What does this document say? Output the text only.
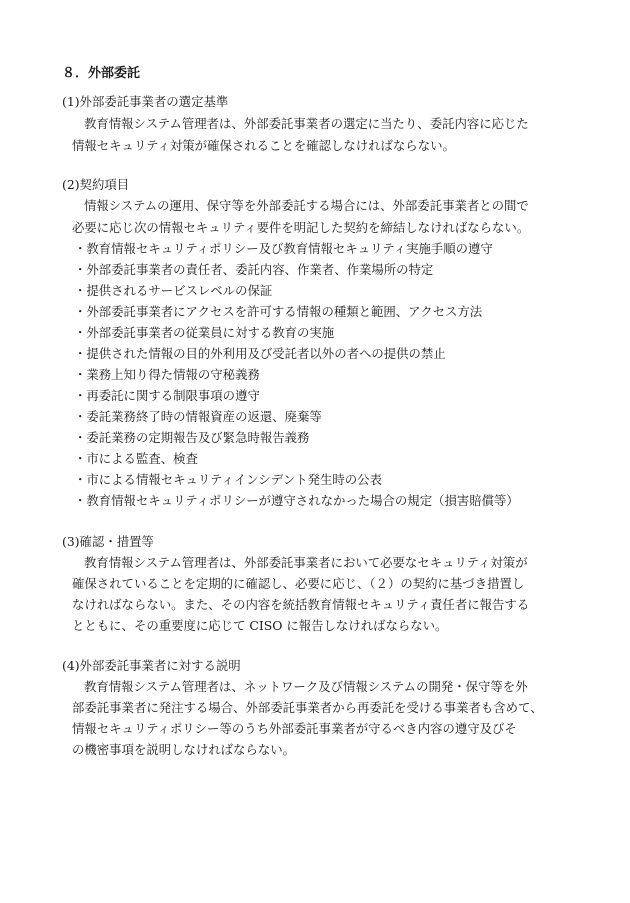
８．外部委託
(1)外部委託事業者の選定基準
教育情報システム管理者は、外部委託事業者の選定に当たり、委託内容に応じた
情報セキュリティ対策が確保されることを確認しなければならない。
(2)契約項目
情報システムの運用、保守等を外部委託する場合には、外部委託事業者との間で
必要に応じ次の情報セキュリティ要件を明記した契約を締結しなければならない。
・教育情報セキュリティポリシー及び教育情報セキュリティ実施手順の遵守
・外部委託事業者の責任者、委託内容、作業者、作業場所の特定
・提供されるサービスレベルの保証
・外部委託事業者にアクセスを許可する情報の種類と範囲、アクセス方法
・外部委託事業者の従業員に対する教育の実施
・提供された情報の目的外利用及び受託者以外の者への提供の禁止
・業務上知り得た情報の守秘義務
・再委託に関する制限事項の遵守
・委託業務終了時の情報資産の返還、廃棄等
・委託業務の定期報告及び緊急時報告義務
・市による監査、検査
・市による情報セキュリティインシデント発生時の公表
・教育情報セキュリティポリシーが遵守されなかった場合の規定（損害賠償等）
(3)確認・措置等
教育情報システム管理者は、外部委託事業者において必要なセキュリティ対策が
確保されていることを定期的に確認し、必要に応じ、（２）の契約に基づき措置し
なければならない。また、その内容を統括教育情報セキュリティ責任者に報告する
とともに、その重要度に応じて CISO に報告しなければならない。
(4)外部委託事業者に対する説明
教育情報システム管理者は、ネットワーク及び情報システムの開発・保守等を外
部委託事業者に発注する場合、外部委託事業者から再委託を受ける事業者も含めて、
情報セキュリティポリシー等のうち外部委託事業者が守るべき内容の遵守及びそ
の機密事項を説明しなければならない。
